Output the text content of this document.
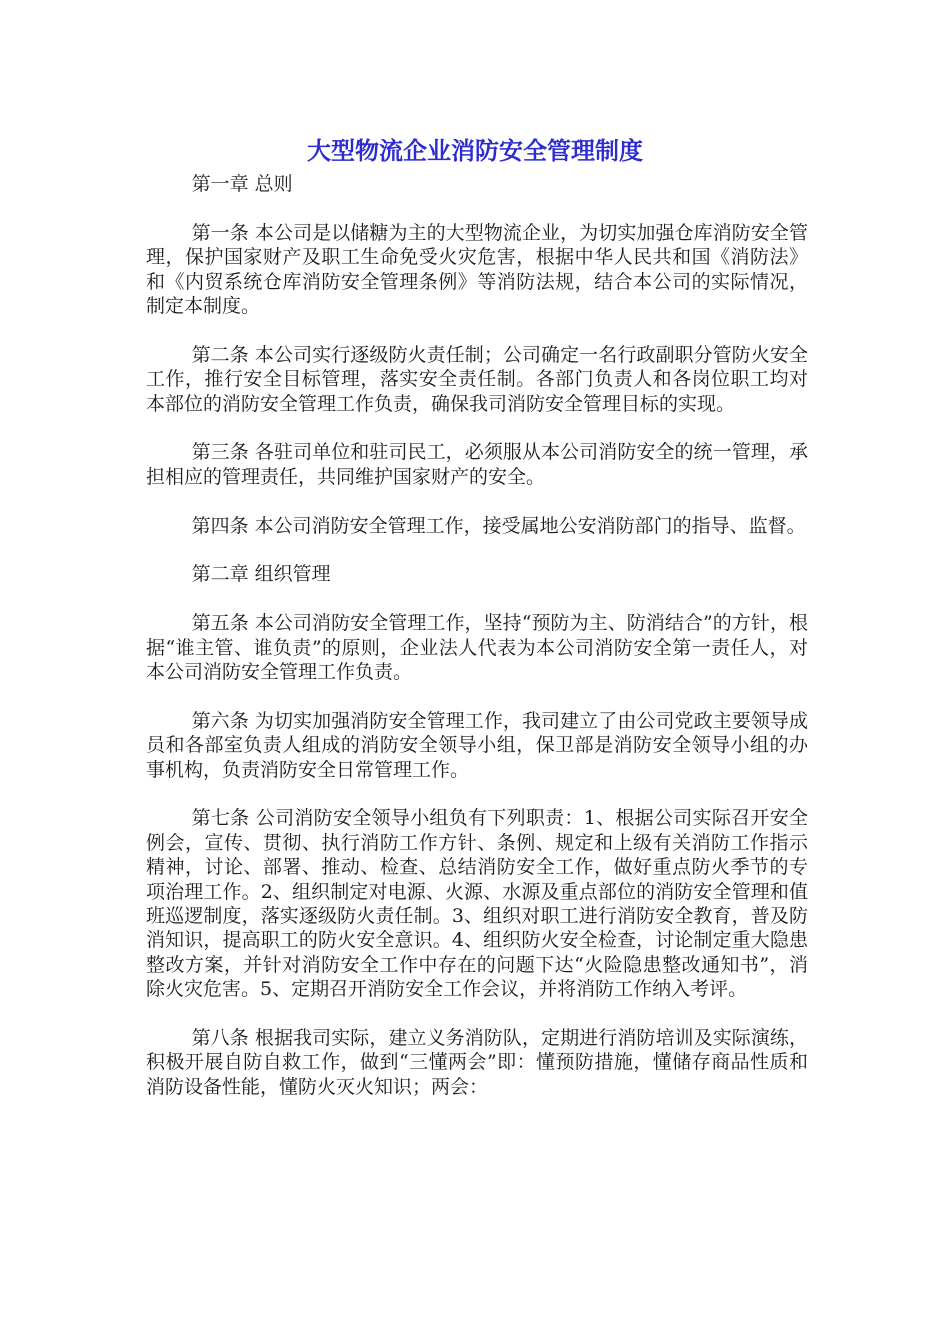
大型物流企业消防安全管理制度

第一章 总则

第一条 本公司是以储糖为主的大型物流企业，为切实加强仓库消防安全管理，保护国家财产及职工生命免受火灾危害，根据中华人民共和国《消防法》和《内贸系统仓库消防安全管理条例》等消防法规，结合本公司的实际情况，制定本制度。

第二条 本公司实行逐级防火责任制；公司确定一名行政副职分管防火安全工作，推行安全目标管理，落实安全责任制。各部门负责人和各岗位职工均对本部位的消防安全管理工作负责，确保我司消防安全管理目标的实现。

第三条 各驻司单位和驻司民工，必须服从本公司消防安全的统一管理，承担相应的管理责任，共同维护国家财产的安全。

第四条 本公司消防安全管理工作，接受属地公安消防部门的指导、监督。

第二章 组织管理

第五条 本公司消防安全管理工作，坚持“预防为主、防消结合”的方针，根据“谁主管、谁负责”的原则，企业法人代表为本公司消防安全第一责任人，对本公司消防安全管理工作负责。

第六条 为切实加强消防安全管理工作，我司建立了由公司党政主要领导成员和各部室负责人组成的消防安全领导小组，保卫部是消防安全领导小组的办事机构，负责消防安全日常管理工作。

第七条 公司消防安全领导小组负有下列职责：1、根据公司实际召开安全例会，宣传、贯彻、执行消防工作方针、条例、规定和上级有关消防工作指示精神，讨论、部署、推动、检查、总结消防安全工作，做好重点防火季节的专项治理工作。2、组织制定对电源、火源、水源及重点部位的消防安全管理和值班巡逻制度，落实逐级防火责任制。3、组织对职工进行消防安全教育，普及防消知识，提高职工的防火安全意识。4、组织防火安全检查，讨论制定重大隐患整改方案，并针对消防安全工作中存在的问题下达“火险隐患整改通知书”，消除火灾危害。5、定期召开消防安全工作会议，并将消防工作纳入考评。

第八条 根据我司实际，建立义务消防队，定期进行消防培训及实际演练，积极开展自防自救工作，做到“三懂两会”即：懂预防措施，懂储存商品性质和消防设备性能，懂防火灭火知识；两会：
